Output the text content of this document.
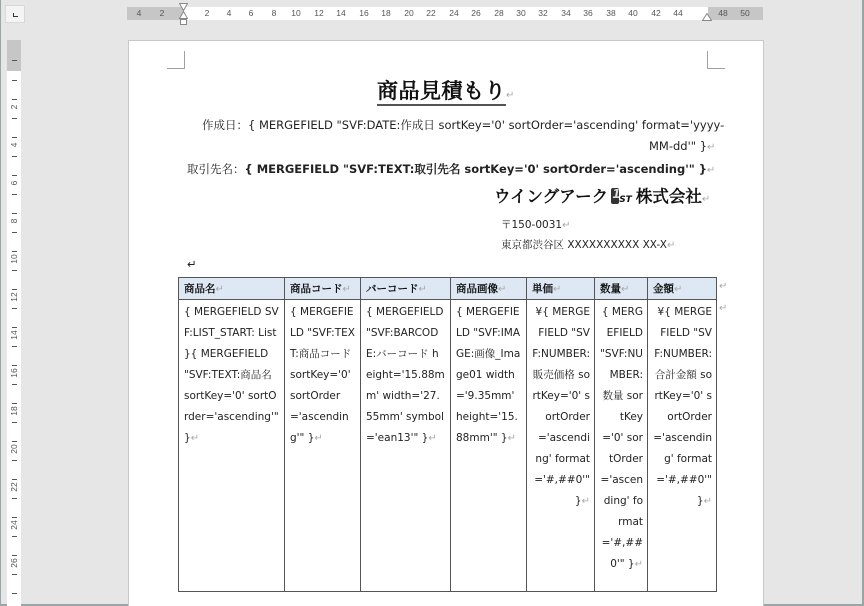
4 2	2 4 6 8 10 12 14 16 18 20 22 24 26 28 30 32 34 36 38 40 42 44	48 50
2
4
6
8
10
12
14
16
18
20
22
24
26
商品見積もり↵
作成日：{ MERGEFIELD "SVF:DATE:作成日 sortKey='0' sortOrder='ascending' format='yyyy-
MM-dd'" }↵
取引先名：{ MERGEFIELD "SVF:TEXT:取引先名 sortKey='0' sortOrder='ascending'" }↵
ウイングアーク 1 ST 株式会社↵
〒150-0031↵
東京都渋谷区 XXXXXXXXXX XX-X↵
↵
商品名↵	商品コード↵	バーコード↵	商品画像↵	単価↵	数量↵	金額↵
{ MERGEFIELD SVF:LIST_START: List }{ MERGEFIELD "SVF:TEXT:商品名 sortKey='0' sortOrder='ascending'" }↵	{ MERGEFIELD "SVF:TEXT:商品コード sortKey='0' sortOrder='ascending'" }↵	{ MERGEFIELD "SVF:BARCODE:バーコード height='15.88mm' width='27.55mm' symbol='ean13'" }↵	{ MERGEFIELD "SVF:IMAGE:画像_Image01 width='9.35mm' height='15.88mm'" }↵	¥{ MERGEFIELD "SVF:NUMBER:販売価格 sortKey='0' sortOrder='ascending' format='#,##0'" }↵	{ MERGEFIELD "SVF:NUMBER:数量 sortKey='0' sortOrder='ascending' format='#,##0'" }↵	¥{ MERGEFIELD "SVF:NUMBER:合計金額 sortKey='0' sortOrder='ascending' format='#,##0'" }↵
↵
↵
